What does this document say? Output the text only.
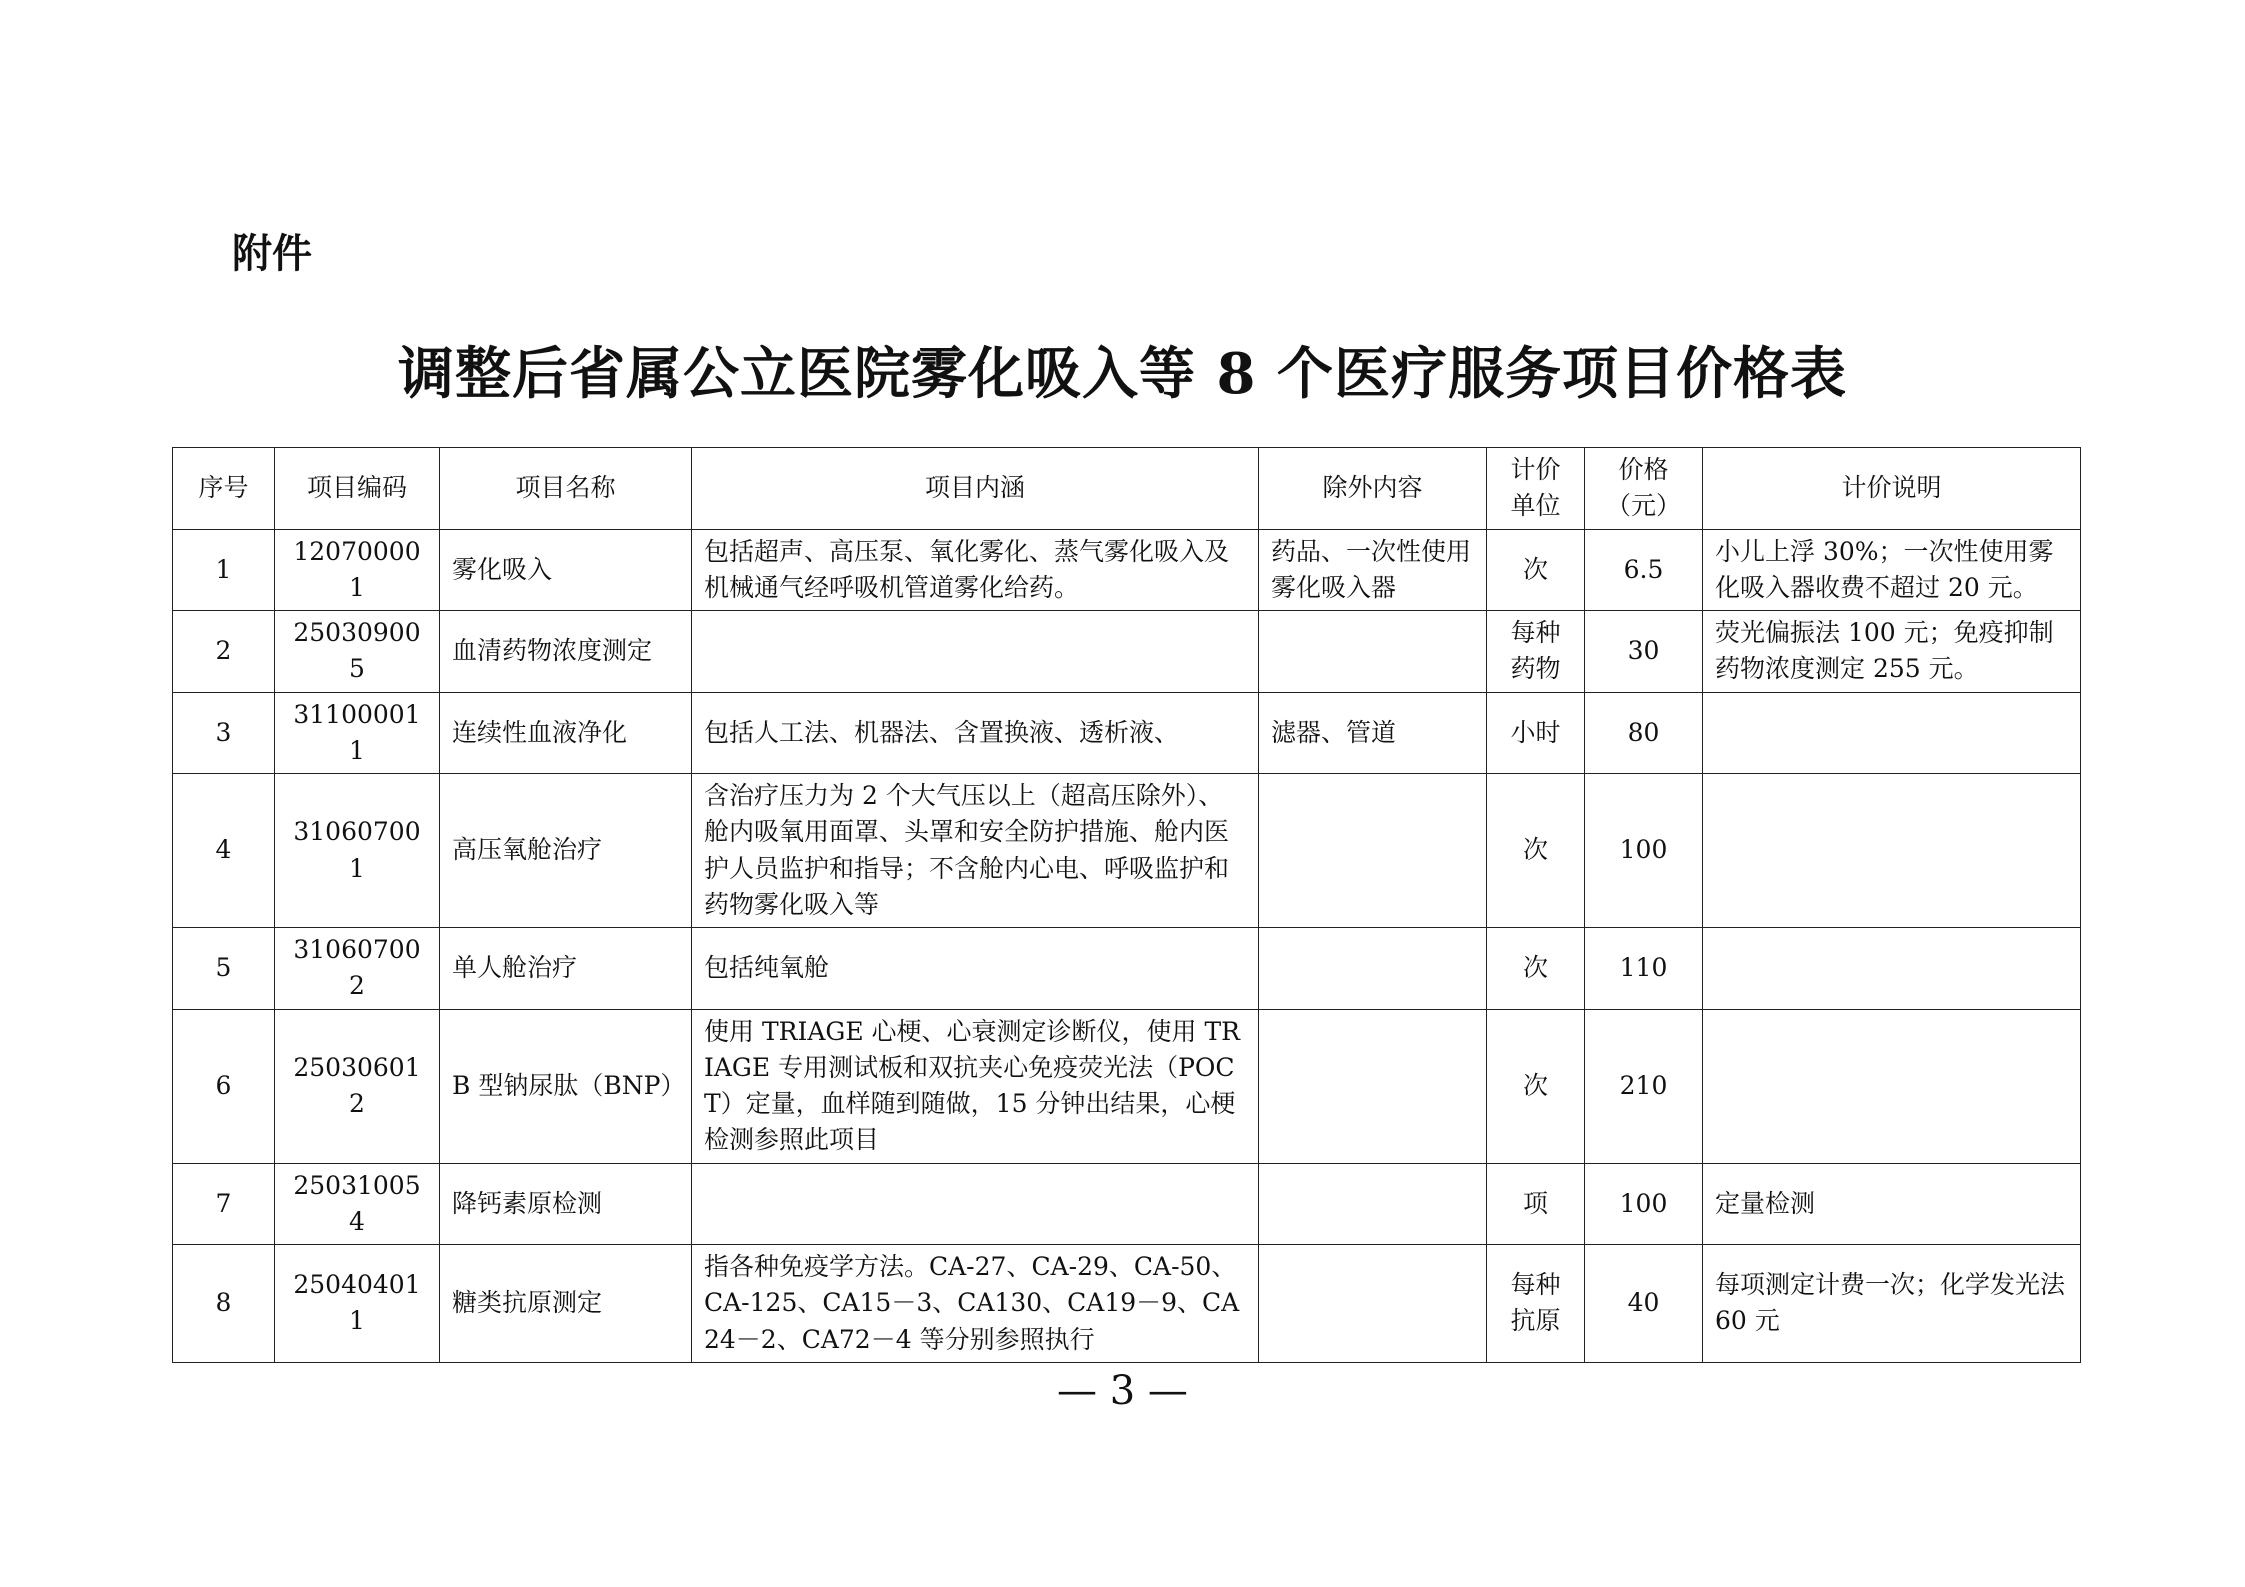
附件
调整后省属公立医院雾化吸入等 8 个医疗服务项目价格表
序号	项目编码	项目名称	项目内涵	除外内容	计价单位	价格（元）	计价说明
1	120700001	雾化吸入	包括超声、高压泵、氧化雾化、蒸气雾化吸入及机械通气经呼吸机管道雾化给药。	药品、一次性使用雾化吸入器	次	6.5	小儿上浮 30%；一次性使用雾化吸入器收费不超过 20 元。
2	250309005	血清药物浓度测定			每种药物	30	荧光偏振法 100 元；免疫抑制药物浓度测定 255 元。
3	311000011	连续性血液净化	包括人工法、机器法、含置换液、透析液、	滤器、管道	小时	80	
4	310607001	高压氧舱治疗	含治疗压力为 2 个大气压以上（超高压除外）、舱内吸氧用面罩、头罩和安全防护措施、舱内医护人员监护和指导；不含舱内心电、呼吸监护和药物雾化吸入等		次	100	
5	310607002	单人舱治疗	包括纯氧舱		次	110	
6	250306012	B 型钠尿肽（BNP）	使用 TRIAGE 心梗、心衰测定诊断仪，使用 TRIAGE 专用测试板和双抗夹心免疫荧光法（POCT）定量，血样随到随做，15 分钟出结果，心梗检测参照此项目		次	210	
7	250310054	降钙素原检测			项	100	定量检测
8	250404011	糖类抗原测定	指各种免疫学方法。CA-27、CA-29、CA-50、CA-125、CA15－3、CA130、CA19－9、CA24－2、CA72－4 等分别参照执行		每种抗原	40	每项测定计费一次；化学发光法 60 元
— 3 —
